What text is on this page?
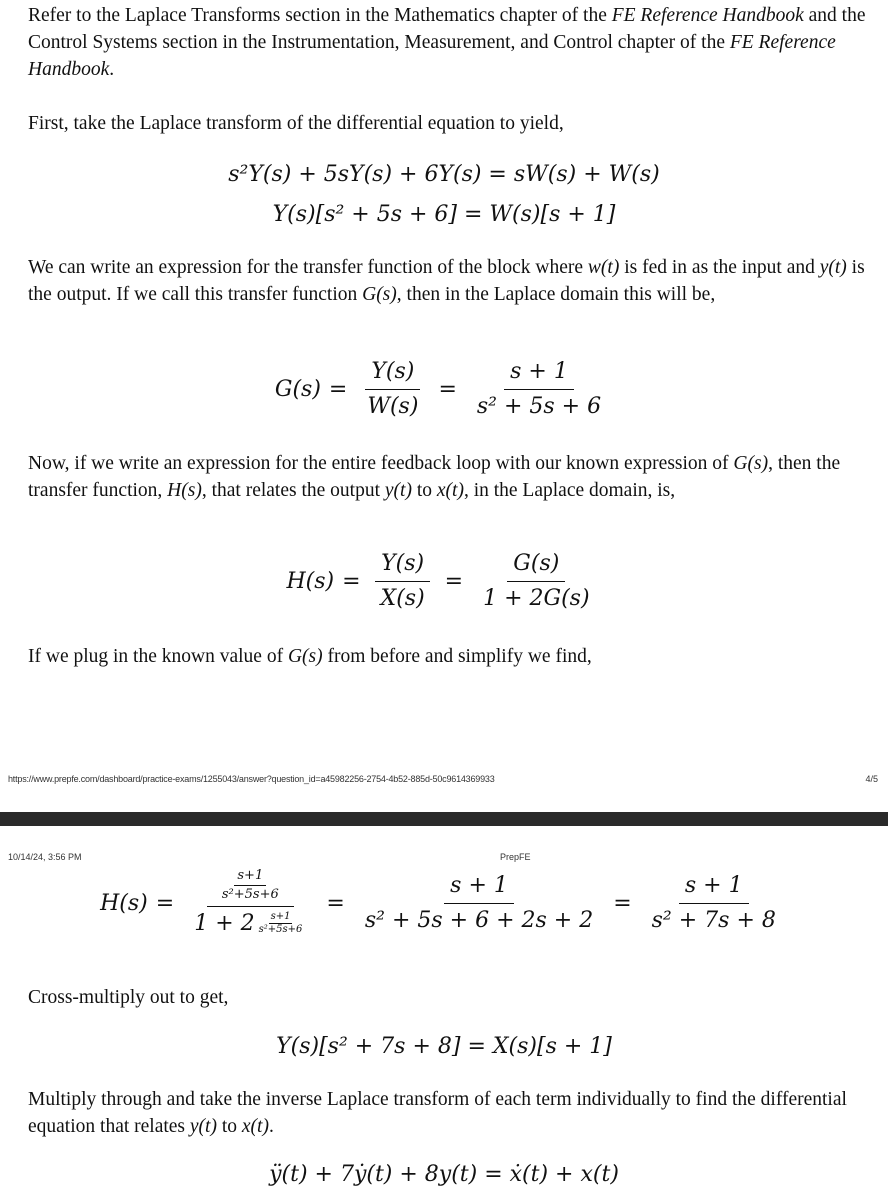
Refer to the Laplace Transforms section in the Mathematics chapter of the FE Reference Handbook and the Control Systems section in the Instrumentation, Measurement, and Control chapter of the FE Reference Handbook.

First, take the Laplace transform of the differential equation to yield,

s²Y(s) + 5sY(s) + 6Y(s) = sW(s) + W(s)
Y(s)[s² + 5s + 6] = W(s)[s + 1]

We can write an expression for the transfer function of the block where w(t) is fed in as the input and y(t) is the output. If we call this transfer function G(s), then in the Laplace domain this will be,

$G(s) = \frac{Y(s)}{W(s)} = \frac{s + 1}{\text{s² + 5s + 6}}$

Now, if we write an expression for the entire feedback loop with our known expression of G(s), then the transfer function, H(s), that relates the output y(t) to x(t), in the Laplace domain, is,

$H(s) = \frac{Y(s)}{X(s)} = \frac{G(s)}{1 + 2G(s)}$

If we plug in the known value of G(s) from before and simplify we find,

https://www.prepfe.com/dashboard/practice-exams/1255043/answer?question_id=a45982256-2754-4b52-885d-50c9614369933	4/5
10/14/24, 3:56 PM	PrepFE
$H(s) = \frac{\frac{s+1}{\text{s²+5s+6}}}{1 + 2 \frac{s+1}{\text{s²+5s+6}}} = \frac{s + 1}{\text{s² + 5s + 6 + 2s + 2}} = \frac{s + 1}{\text{s² + 7s + 8}}$

Cross-multiply out to get,

Y(s)[s² + 7s + 8] = X(s)[s + 1]

Multiply through and take the inverse Laplace transform of each term individually to find the differential equation that relates y(t) to x(t).

ÿ(t) + 7ẏ(t) + 8y(t) = ẋ(t) + x(t)
